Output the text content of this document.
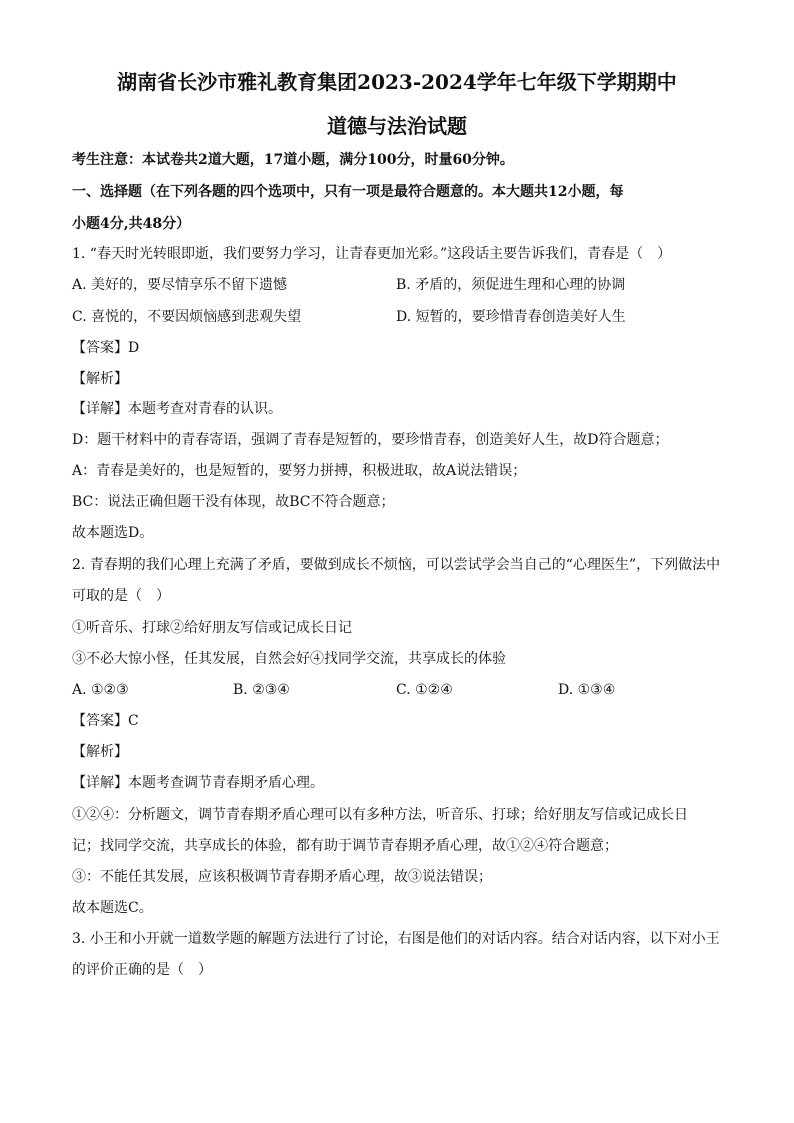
湖南省长沙市雅礼教育集团2023-2024学年七年级下学期期中
道德与法治试题
考生注意：本试卷共2道大题，17道小题，满分100分，时量60分钟。
一、选择题（在下列各题的四个选项中，只有一项是最符合题意的。本大题共12小题，每
小题4分,共48分）
1. “春天时光转眼即逝，我们要努力学习，让青春更加光彩。”这段话主要告诉我们，青春是（　）
A. 美好的，要尽情享乐不留下遗憾	B. 矛盾的，须促进生理和心理的协调
C. 喜悦的，不要因烦恼感到悲观失望	D. 短暂的，要珍惜青春创造美好人生
【答案】D
【解析】
【详解】本题考查对青春的认识。
D：题干材料中的青春寄语，强调了青春是短暂的，要珍惜青春，创造美好人生，故D符合题意；
A：青春是美好的，也是短暂的，要努力拼搏，积极进取，故A说法错误；
BC：说法正确但题干没有体现，故BC不符合题意；
故本题选D。
2. 青春期的我们心理上充满了矛盾，要做到成长不烦恼，可以尝试学会当自己的“心理医生”，下列做法中
可取的是（　）
①听音乐、打球②给好朋友写信或记成长日记
③不必大惊小怪，任其发展，自然会好④找同学交流，共享成长的体验
A. ①②③	B. ②③④	C. ①②④	D. ①③④
【答案】C
【解析】
【详解】本题考查调节青春期矛盾心理。
①②④：分析题文，调节青春期矛盾心理可以有多种方法，听音乐、打球；给好朋友写信或记成长日
记；找同学交流，共享成长的体验，都有助于调节青春期矛盾心理，故①②④符合题意；
③：不能任其发展，应该积极调节青春期矛盾心理，故③说法错误；
故本题选C。
3. 小王和小开就一道数学题的解题方法进行了讨论，右图是他们的对话内容。结合对话内容，以下对小王
的评价正确的是（　）
